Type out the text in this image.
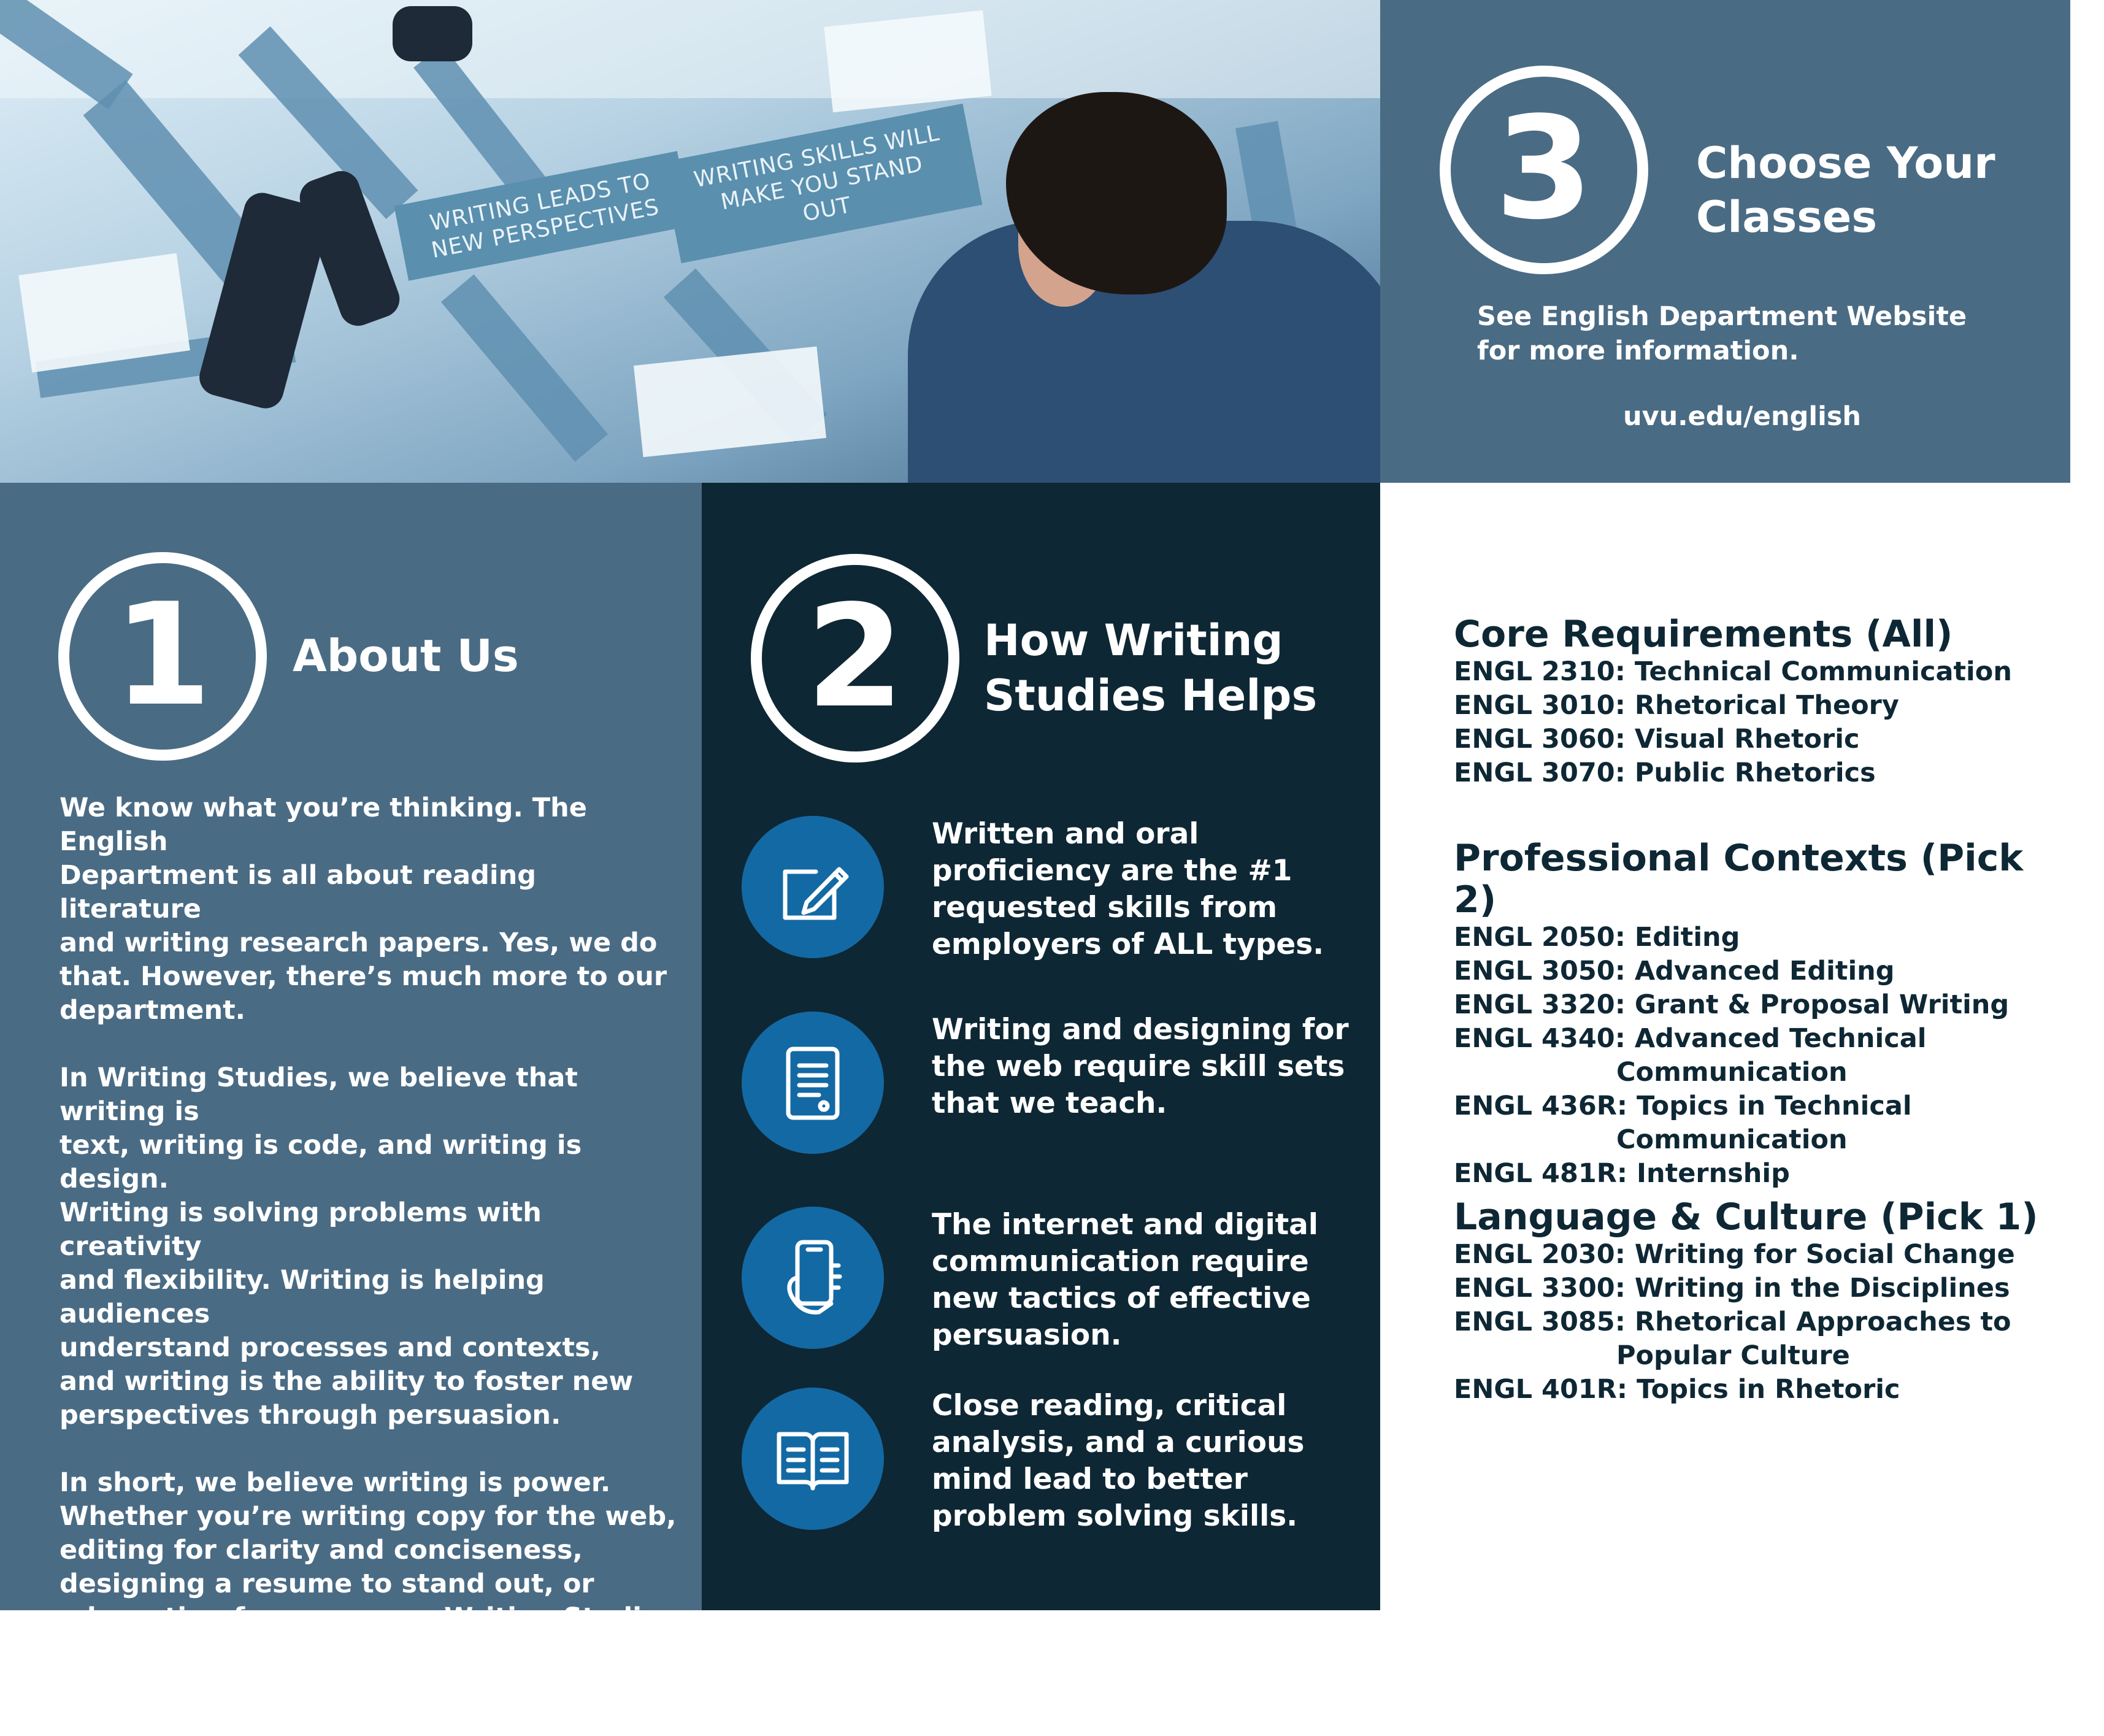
WRITING LEADS TO NEW PERSPECTIVES
WRITING SKILLS WILL MAKE YOU STAND OUT	3	Choose Your Classes
See English Department Website for more information.
uvu.edu/english
1	About Us

We know what you’re thinking. The English
Department is all about reading literature
and writing research papers. Yes, we do
that. However, there’s much more to our
department.

In Writing Studies, we believe that writing is
text, writing is code, and writing is design.
Writing is solving problems with creativity
and flexibility. Writing is helping audiences
understand processes and contexts,
and writing is the ability to foster new
perspectives through persuasion.

In short, we believe writing is power.
Whether you’re writing copy for the web,
editing for clarity and conciseness,
designing a resume to stand out, or
advocating for a cause, a Writing Studies
minor provides the skills to communicate
more clearly and effectively.

2	How Writing Studies Helps
Written and oral proficiency are the #1 requested skills from employers of ALL types.
Writing and designing for the web require skill sets that we teach.
The internet and digital communication require new tactics of effective persuasion.
Close reading, critical analysis, and a curious mind lead to better problem solving skills.
Core Requirements (All)
ENGL 2310: Technical Communication
ENGL 3010: Rhetorical Theory
ENGL 3060: Visual Rhetoric
ENGL 3070: Public Rhetorics
Professional Contexts (Pick 2)
ENGL 2050: Editing
ENGL 3050: Advanced Editing
ENGL 3320: Grant & Proposal Writing
ENGL 4340: Advanced Technical
Communication
ENGL 436R: Topics in Technical
Communication
ENGL 481R: Internship
Language & Culture (Pick 1)
ENGL 2030: Writing for Social Change
ENGL 3300: Writing in the Disciplines
ENGL 3085: Rhetorical Approaches to
Popular Culture
ENGL 401R: Topics in Rhetoric
